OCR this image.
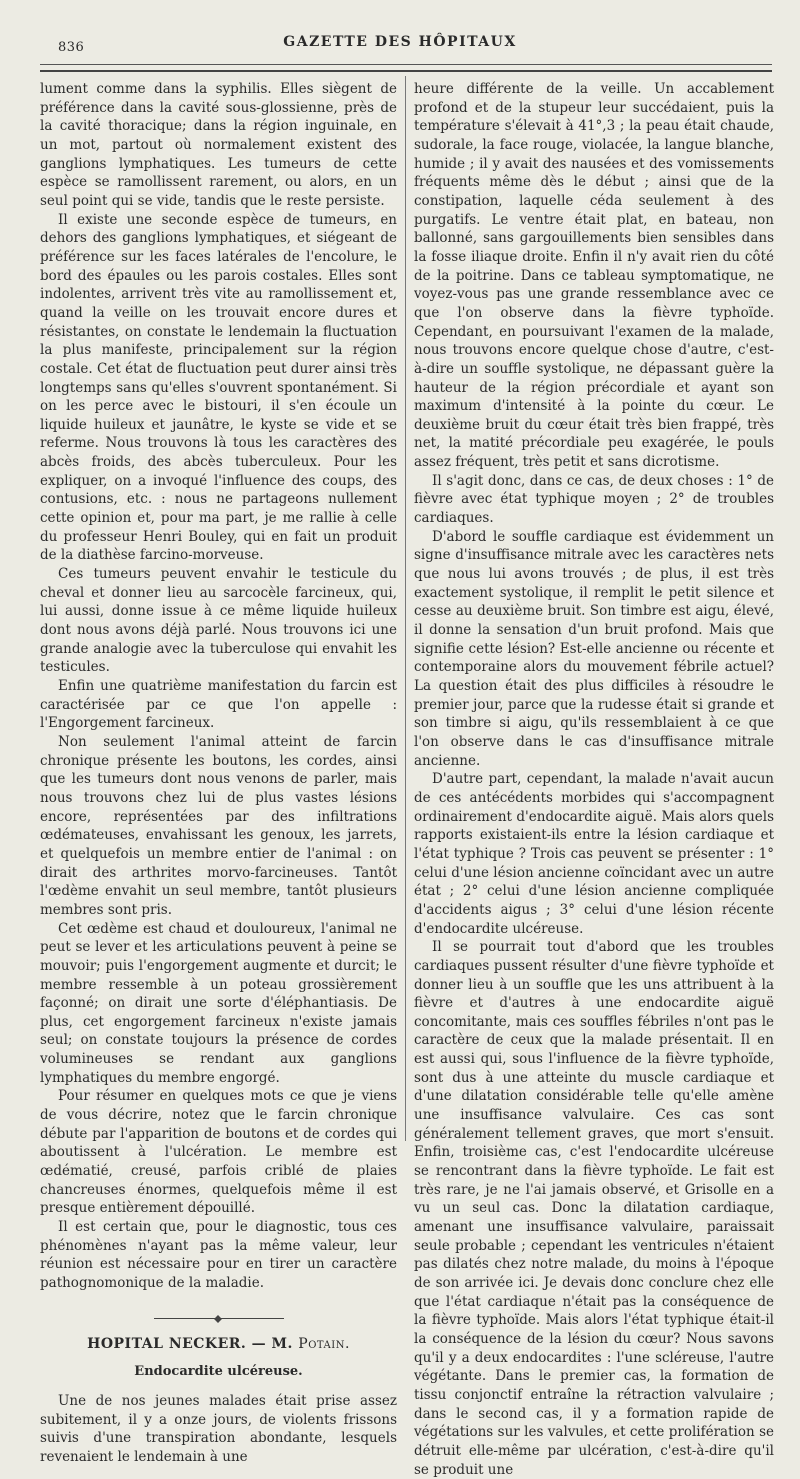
836	GAZETTE DES HÔPITAUX

lument comme dans la syphilis. Elles siègent de préférence dans la cavité sous-glossienne, près de la cavité thoracique; dans la région inguinale, en un mot, partout où normalement existent des ganglions lymphatiques. Les tumeurs de cette espèce se ramollissent rarement, ou alors, en un seul point qui se vide, tandis que le reste persiste.

Il existe une seconde espèce de tumeurs, en dehors des ganglions lymphatiques, et siégeant de préférence sur les faces latérales de l'encolure, le bord des épaules ou les parois costales. Elles sont indolentes, arrivent très vite au ramollissement et, quand la veille on les trouvait encore dures et résistantes, on constate le lendemain la fluctuation la plus manifeste, principalement sur la région costale. Cet état de fluctuation peut durer ainsi très longtemps sans qu'elles s'ouvrent spontanément. Si on les perce avec le bistouri, il s'en écoule un liquide huileux et jaunâtre, le kyste se vide et se referme. Nous trouvons là tous les caractères des abcès froids, des abcès tuberculeux. Pour les expliquer, on a invoqué l'influence des coups, des contusions, etc. : nous ne partageons nullement cette opinion et, pour ma part, je me rallie à celle du professeur Henri Bouley, qui en fait un produit de la diathèse farcino-morveuse.

Ces tumeurs peuvent envahir le testicule du cheval et donner lieu au sarcocèle farcineux, qui, lui aussi, donne issue à ce même liquide huileux dont nous avons déjà parlé. Nous trouvons ici une grande analogie avec la tuberculose qui envahit les testicules.

Enfin une quatrième manifestation du farcin est caractérisée par ce que l'on appelle : l'Engorgement farcineux.

Non seulement l'animal atteint de farcin chronique présente les boutons, les cordes, ainsi que les tumeurs dont nous venons de parler, mais nous trouvons chez lui de plus vastes lésions encore, représentées par des infiltrations œdémateuses, envahissant les genoux, les jarrets, et quelquefois un membre entier de l'animal : on dirait des arthrites morvo-farcineuses. Tantôt l'œdème envahit un seul membre, tantôt plusieurs membres sont pris.

Cet œdème est chaud et douloureux, l'animal ne peut se lever et les articulations peuvent à peine se mouvoir; puis l'engorgement augmente et durcit; le membre ressemble à un poteau grossièrement façonné; on dirait une sorte d'éléphantiasis. De plus, cet engorgement farcineux n'existe jamais seul; on constate toujours la présence de cordes volumineuses se rendant aux ganglions lymphatiques du membre engorgé.

Pour résumer en quelques mots ce que je viens de vous décrire, notez que le farcin chronique débute par l'apparition de boutons et de cordes qui aboutissent à l'ulcération. Le membre est œdématié, creusé, parfois criblé de plaies chancreuses énormes, quelquefois même il est presque entièrement dépouillé.

Il est certain que, pour le diagnostic, tous ces phénomènes n'ayant pas la même valeur, leur réunion est nécessaire pour en tirer un caractère pathognomonique de la maladie.

HOPITAL NECKER. — M. Potain.
Endocardite ulcéreuse.

Une de nos jeunes malades était prise assez subitement, il y a onze jours, de violents frissons suivis d'une transpiration abondante, lesquels revenaient le lendemain à une

heure différente de la veille. Un accablement profond et de la stupeur leur succédaient, puis la température s'élevait à 41°,3 ; la peau était chaude, sudorale, la face rouge, violacée, la langue blanche, humide ; il y avait des nausées et des vomissements fréquents même dès le début ; ainsi que de la constipation, laquelle céda seulement à des purgatifs. Le ventre était plat, en bateau, non ballonné, sans gargouillements bien sensibles dans la fosse iliaque droite. Enfin il n'y avait rien du côté de la poitrine. Dans ce tableau symptomatique, ne voyez-vous pas une grande ressemblance avec ce que l'on observe dans la fièvre typhoïde. Cependant, en poursuivant l'examen de la malade, nous trouvons encore quelque chose d'autre, c'est-à-dire un souffle systolique, ne dépassant guère la hauteur de la région précordiale et ayant son maximum d'intensité à la pointe du cœur. Le deuxième bruit du cœur était très bien frappé, très net, la matité précordiale peu exagérée, le pouls assez fréquent, très petit et sans dicrotisme.

Il s'agit donc, dans ce cas, de deux choses : 1° de fièvre avec état typhique moyen ; 2° de troubles cardiaques.

D'abord le souffle cardiaque est évidemment un signe d'insuffisance mitrale avec les caractères nets que nous lui avons trouvés ; de plus, il est très exactement systolique, il remplit le petit silence et cesse au deuxième bruit. Son timbre est aigu, élevé, il donne la sensation d'un bruit profond. Mais que signifie cette lésion? Est-elle ancienne ou récente et contemporaine alors du mouvement fébrile actuel? La question était des plus difficiles à résoudre le premier jour, parce que la rudesse était si grande et son timbre si aigu, qu'ils ressemblaient à ce que l'on observe dans le cas d'insuffisance mitrale ancienne.

D'autre part, cependant, la malade n'avait aucun de ces antécédents morbides qui s'accompagnent ordinairement d'endocardite aiguë. Mais alors quels rapports existaient-ils entre la lésion cardiaque et l'état typhique ? Trois cas peuvent se présenter : 1° celui d'une lésion ancienne coïncidant avec un autre état ; 2° celui d'une lésion ancienne compliquée d'accidents aigus ; 3° celui d'une lésion récente d'endocardite ulcéreuse.

Il se pourrait tout d'abord que les troubles cardiaques pussent résulter d'une fièvre typhoïde et donner lieu à un souffle que les uns attribuent à la fièvre et d'autres à une endocardite aiguë concomitante, mais ces souffles fébriles n'ont pas le caractère de ceux que la malade présentait. Il en est aussi qui, sous l'influence de la fièvre typhoïde, sont dus à une atteinte du muscle cardiaque et d'une dilatation considérable telle qu'elle amène une insuffisance valvulaire. Ces cas sont généralement tellement graves, que mort s'ensuit. Enfin, troisième cas, c'est l'endocardite ulcéreuse se rencontrant dans la fièvre typhoïde. Le fait est très rare, je ne l'ai jamais observé, et Grisolle en a vu un seul cas. Donc la dilatation cardiaque, amenant une insuffisance valvulaire, paraissait seule probable ; cependant les ventricules n'étaient pas dilatés chez notre malade, du moins à l'époque de son arrivée ici. Je devais donc conclure chez elle que l'état cardiaque n'était pas la conséquence de la fièvre typhoïde. Mais alors l'état typhique était-il la conséquence de la lésion du cœur? Nous savons qu'il y a deux endocardites : l'une scléreuse, l'autre végétante. Dans le premier cas, la formation de tissu conjonctif entraîne la rétraction valvulaire ; dans le second cas, il y a formation rapide de végétations sur les valvules, et cette prolifération se détruit elle-même par ulcération, c'est-à-dire qu'il se produit une
